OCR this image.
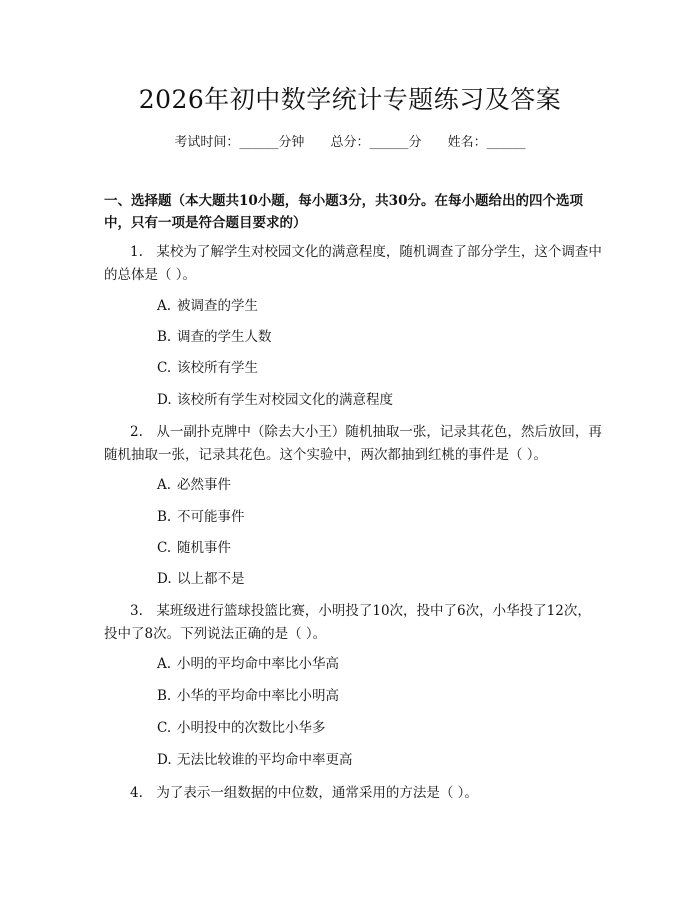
2026年初中数学统计专题练习及答案
考试时间：______分钟 总分：______分 姓名：______
一、选择题（本大题共10小题，每小题3分，共30分。在每小题给出的四个选项中，只有一项是符合题目要求的）
1.　某校为了解学生对校园文化的满意程度，随机调查了部分学生，这个调查中的总体是（ ）。
A. 被调查的学生
B. 调查的学生人数
C. 该校所有学生
D. 该校所有学生对校园文化的满意程度
2.　从一副扑克牌中（除去大小王）随机抽取一张，记录其花色，然后放回，再随机抽取一张，记录其花色。这个实验中，两次都抽到红桃的事件是（ ）。
A. 必然事件
B. 不可能事件
C. 随机事件
D. 以上都不是
3.　某班级进行篮球投篮比赛，小明投了10次，投中了6次，小华投了12次，投中了8次。下列说法正确的是（ ）。
A. 小明的平均命中率比小华高
B. 小华的平均命中率比小明高
C. 小明投中的次数比小华多
D. 无法比较谁的平均命中率更高
4.　为了表示一组数据的中位数，通常采用的方法是（ ）。
